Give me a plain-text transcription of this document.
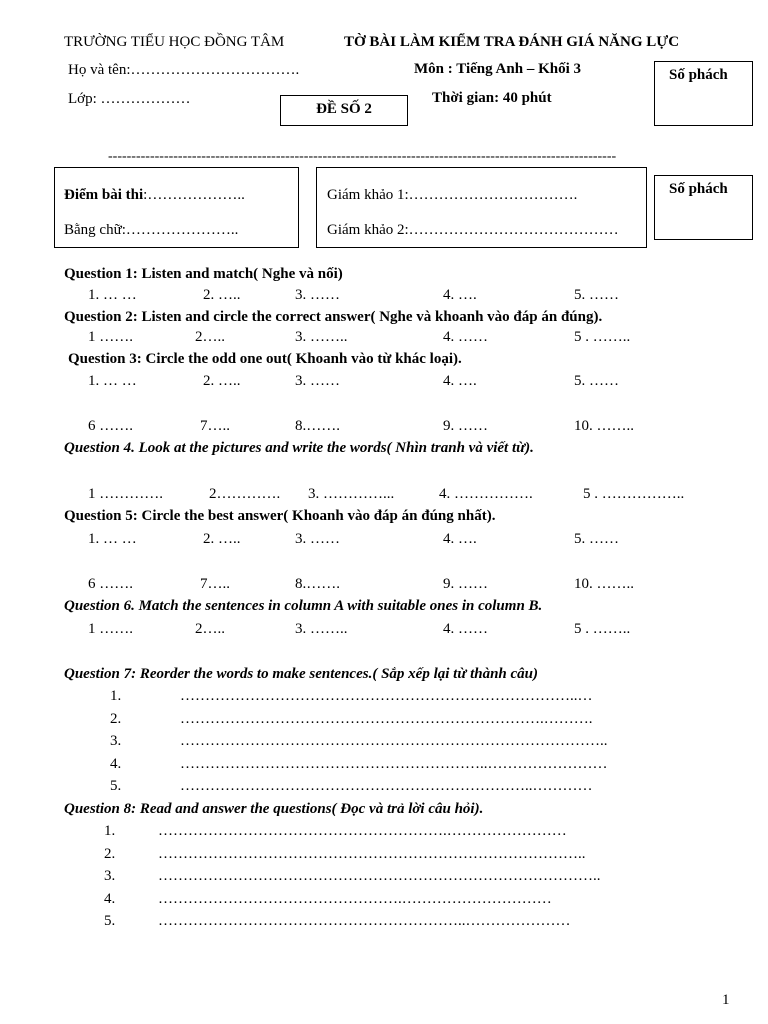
TRƯỜNG TIỂU HỌC ĐỒNG TÂM	TỜ BÀI LÀM KIỂM TRA ĐÁNH GIÁ NĂNG LỰC
Họ và tên:…………………………….	Môn : Tiếng Anh – Khối 3	Số phách
Lớp: ………………
ĐỀ SỐ 2
Thời gian: 40 phút
-------------------------------------------------------------------------------------------------------------
Điểm bài thi:………………..
Bằng chữ:…………………..
Giám khảo 1:…………………………….
Giám khảo 2:……………………………………
Số phách
Question 1: Listen and match( Nghe và nối)
1. … …	2. …..	3. ……	4. ….	5. ……
Question 2: Listen and circle the correct answer( Nghe và khoanh vào đáp án đúng).
1 …….	2…..	3. ……..	4. ……	5 . ……..
Question 3: Circle the odd one out( Khoanh vào từ khác loại).
1. … …	2. …..	3. ……	4. ….	5. ……
6 …….	7…..	8.…….	9. ……	10. ……..
Question 4. Look at the pictures and write the words( Nhìn tranh và viết từ).
1 ………….	2…………. 3. …………...	4. …………….	5 . ……………..
Question 5: Circle the best answer( Khoanh vào đáp án đúng nhất).
1. … …	2. …..	3. ……	4. ….	5. ……
6 …….	7…..	8.…….	9. ……	10. ……..
Question 6. Match the sentences in column A with suitable ones in column B.
1 …….	2…..	3. ……..	4. ……	5 . ……..
Question 7: Reorder the words to make sentences.( Sắp xếp lại từ thành câu)
1.	……………………………………………………………………..…
2.	……………………………………………………………….……….
3.	…………………………………………………………………………..
4.	……………………………………………………..……………………
5.	……………………………………………………………..…………
Question 8: Read and answer the questions( Đọc và trả lời câu hỏi).
1.	………………………………………………….……………………
2.	…………………………………………………………………………..
3.	……………………………………………………………………………..
4.	………………………………………….…………………………
5.	……………………………………………………..…………………
1
